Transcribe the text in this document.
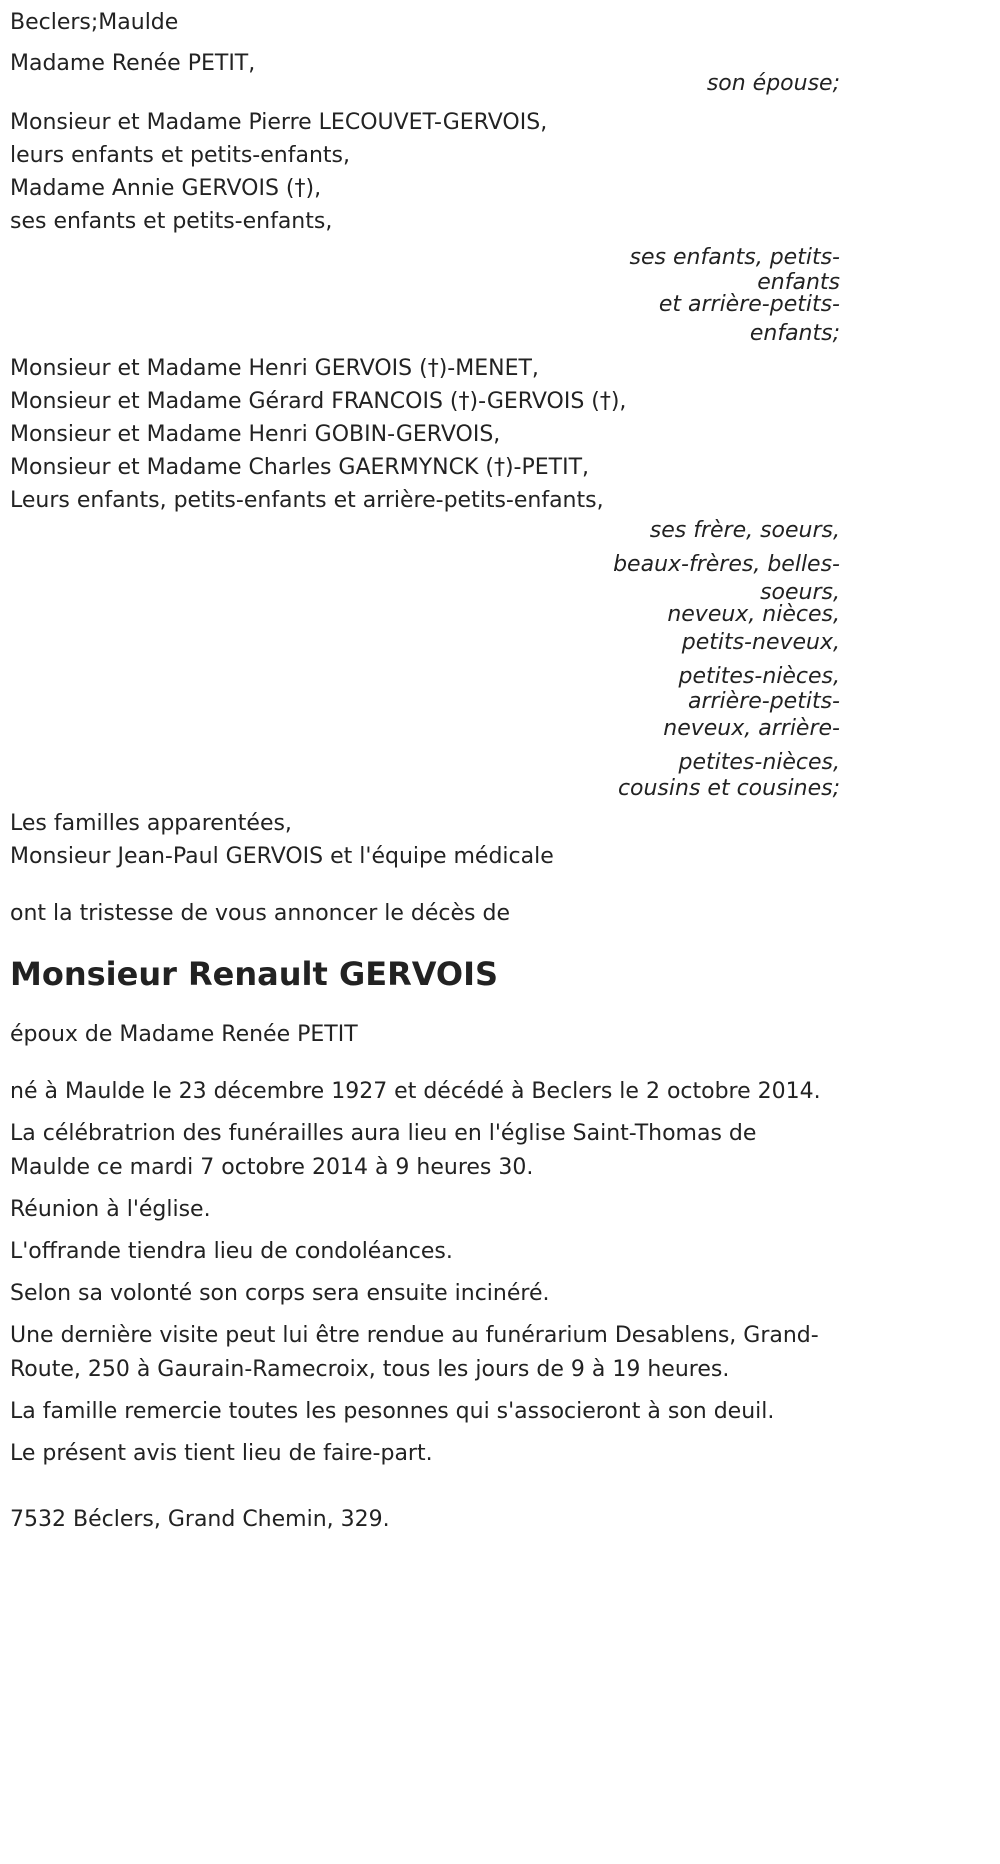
Beclers;Maulde
Madame Renée PETIT,
son épouse;
Monsieur et Madame Pierre LECOUVET-GERVOIS,
leurs enfants et petits-enfants,
Madame Annie GERVOIS (†),
ses enfants et petits-enfants,
ses enfants, petits-
enfants
et arrière-petits-
enfants;
Monsieur et Madame Henri GERVOIS (†)-MENET,
Monsieur et Madame Gérard FRANCOIS (†)-GERVOIS (†),
Monsieur et Madame Henri GOBIN-GERVOIS,
Monsieur et Madame Charles GAERMYNCK (†)-PETIT,
Leurs enfants, petits-enfants et arrière-petits-enfants,
ses frère, soeurs,
beaux-frères, belles-
soeurs,
neveux, nièces,
petits-neveux,
petites-nièces,
arrière-petits-
neveux, arrière-
petites-nièces,
cousins et cousines;
Les familles apparentées,
Monsieur Jean-Paul GERVOIS et l'équipe médicale
ont la tristesse de vous annoncer le décès de
Monsieur Renault GERVOIS
époux de Madame Renée PETIT
né à Maulde le 23 décembre 1927 et décédé à Beclers le 2 octobre 2014.
La célébratrion des funérailles aura lieu en l'église Saint-Thomas de Maulde ce mardi 7 octobre 2014 à 9 heures 30.
Réunion à l'église.
L'offrande tiendra lieu de condoléances.
Selon sa volonté son corps sera ensuite incinéré.
Une dernière visite peut lui être rendue au funérarium Desablens, Grand-Route, 250 à Gaurain-Ramecroix, tous les jours de 9 à 19 heures.
La famille remercie toutes les pesonnes qui s'associeront à son deuil.
Le présent avis tient lieu de faire-part.
7532 Béclers, Grand Chemin, 329.
